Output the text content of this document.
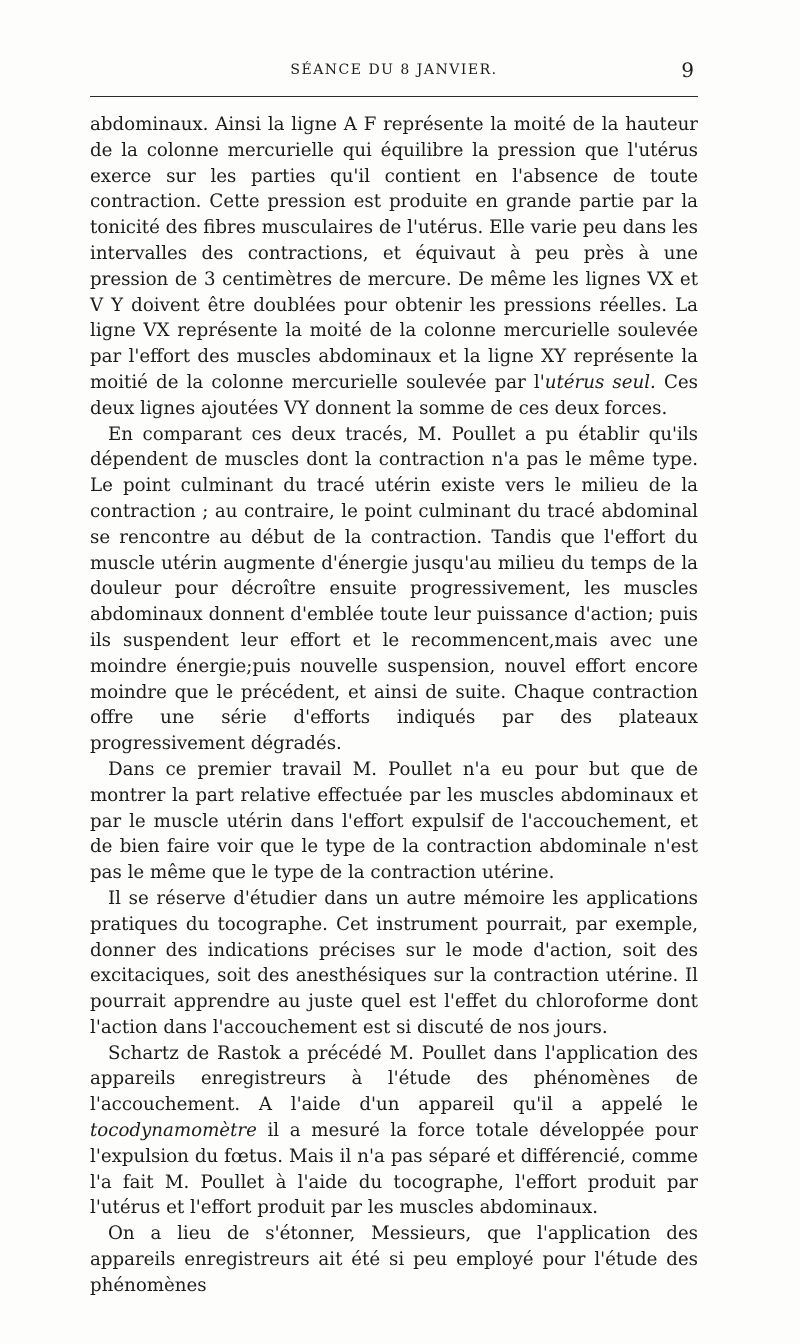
SÉANCE DU 8 JANVIER.	9

abdominaux. Ainsi la ligne A F représente la moité de la hauteur de la colonne mercurielle qui équilibre la pression que l'utérus exerce sur les parties qu'il contient en l'absence de toute contraction. Cette pression est produite en grande partie par la tonicité des fibres musculaires de l'utérus. Elle varie peu dans les intervalles des contractions, et équivaut à peu près à une pression de 3 centimètres de mercure. De même les lignes VX et V Y doivent être doublées pour obtenir les pressions réelles. La ligne VX représente la moité de la colonne mercurielle soulevée par l'effort des muscles abdominaux et la ligne XY représente la moitié de la colonne mercurielle soulevée par l'utérus seul. Ces deux lignes ajoutées VY donnent la somme de ces deux forces.

En comparant ces deux tracés, M. Poullet a pu établir qu'ils dépendent de muscles dont la contraction n'a pas le même type. Le point culminant du tracé utérin existe vers le milieu de la contraction ; au contraire, le point culminant du tracé abdominal se rencontre au début de la contraction. Tandis que l'effort du muscle utérin augmente d'énergie jusqu'au milieu du temps de la douleur pour décroître ensuite progressivement, les muscles abdominaux donnent d'emblée toute leur puissance d'action; puis ils suspendent leur effort et le recommencent,mais avec une moindre énergie;puis nouvelle suspension, nouvel effort encore moindre que le précédent, et ainsi de suite. Chaque contraction offre une série d'efforts indiqués par des plateaux progressivement dégradés.

Dans ce premier travail M. Poullet n'a eu pour but que de montrer la part relative effectuée par les muscles abdominaux et par le muscle utérin dans l'effort expulsif de l'accouchement, et de bien faire voir que le type de la contraction abdominale n'est pas le même que le type de la contraction utérine.

Il se réserve d'étudier dans un autre mémoire les applications pratiques du tocographe. Cet instrument pourrait, par exemple, donner des indications précises sur le mode d'action, soit des excitaciques, soit des anesthésiques sur la contraction utérine. Il pourrait apprendre au juste quel est l'effet du chloroforme dont l'action dans l'accouchement est si discuté de nos jours.

Schartz de Rastok a précédé M. Poullet dans l'application des appareils enregistreurs à l'étude des phénomènes de l'accouchement. A l'aide d'un appareil qu'il a appelé le tocodynamomètre il a mesuré la force totale développée pour l'expulsion du fœtus. Mais il n'a pas séparé et différencié, comme l'a fait M. Poullet à l'aide du tocographe, l'effort produit par l'utérus et l'effort produit par les muscles abdominaux.

On a lieu de s'étonner, Messieurs, que l'application des appareils enregistreurs ait été si peu employé pour l'étude des phénomènes
